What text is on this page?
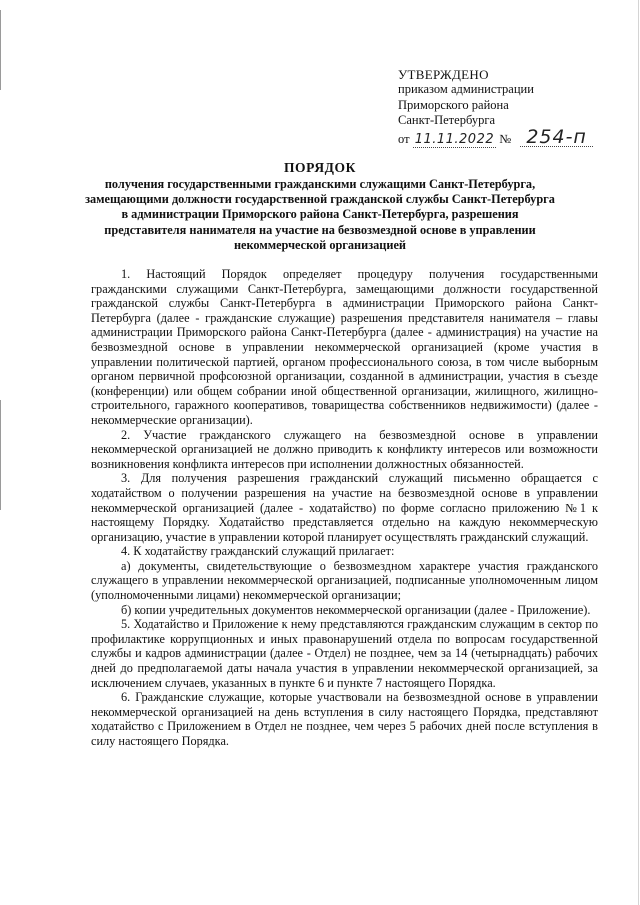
УТВЕРЖДЕНО
приказом администрации
Приморского района
Санкт-Петербурга
от 11.11.2022 № 254-п
ПОРЯДОК
получения государственными гражданскими служащими Санкт-Петербурга, замещающими должности государственной гражданской службы Санкт-Петербурга в администрации Приморского района Санкт-Петербурга, разрешения представителя нанимателя на участие на безвозмездной основе в управлении некоммерческой организацией

1. Настоящий Порядок определяет процедуру получения государственными гражданскими служащими Санкт-Петербурга, замещающими должности государственной гражданской службы Санкт-Петербурга в администрации Приморского района Санкт-Петербурга (далее - гражданские служащие) разрешения представителя нанимателя – главы администрации Приморского района Санкт-Петербурга (далее - администрация) на участие на безвозмездной основе в управлении некоммерческой организацией (кроме участия в управлении политической партией, органом профессионального союза, в том числе выборным органом первичной профсоюзной организации, созданной в администрации, участия в съезде (конференции) или общем собрании иной общественной организации, жилищного, жилищно-строительного, гаражного кооперативов, товарищества собственников недвижимости) (далее - некоммерческие организации).

2. Участие гражданского служащего на безвозмездной основе в управлении некоммерческой организацией не должно приводить к конфликту интересов или возможности возникновения конфликта интересов при исполнении должностных обязанностей.

3. Для получения разрешения гражданский служащий письменно обращается с ходатайством о получении разрешения на участие на безвозмездной основе в управлении некоммерческой организацией (далее - ходатайство) по форме согласно приложению №1 к настоящему Порядку. Ходатайство представляется отдельно на каждую некоммерческую организацию, участие в управлении которой планирует осуществлять гражданский служащий.

4. К ходатайству гражданский служащий прилагает:

а) документы, свидетельствующие о безвозмездном характере участия гражданского служащего в управлении некоммерческой организацией, подписанные уполномоченным лицом (уполномоченными лицами) некоммерческой организации;

б) копии учредительных документов некоммерческой организации (далее - Приложение).

5. Ходатайство и Приложение к нему представляются гражданским служащим в сектор по профилактике коррупционных и иных правонарушений отдела по вопросам государственной службы и кадров администрации (далее - Отдел) не позднее, чем за 14 (четырнадцать) рабочих дней до предполагаемой даты начала участия в управлении некоммерческой организацией, за исключением случаев, указанных в пункте 6 и пункте 7 настоящего Порядка.

6. Гражданские служащие, которые участвовали на безвозмездной основе в управлении некоммерческой организацией на день вступления в силу настоящего Порядка, представляют ходатайство с Приложением в Отдел не позднее, чем через 5 рабочих дней после вступления в силу настоящего Порядка.
